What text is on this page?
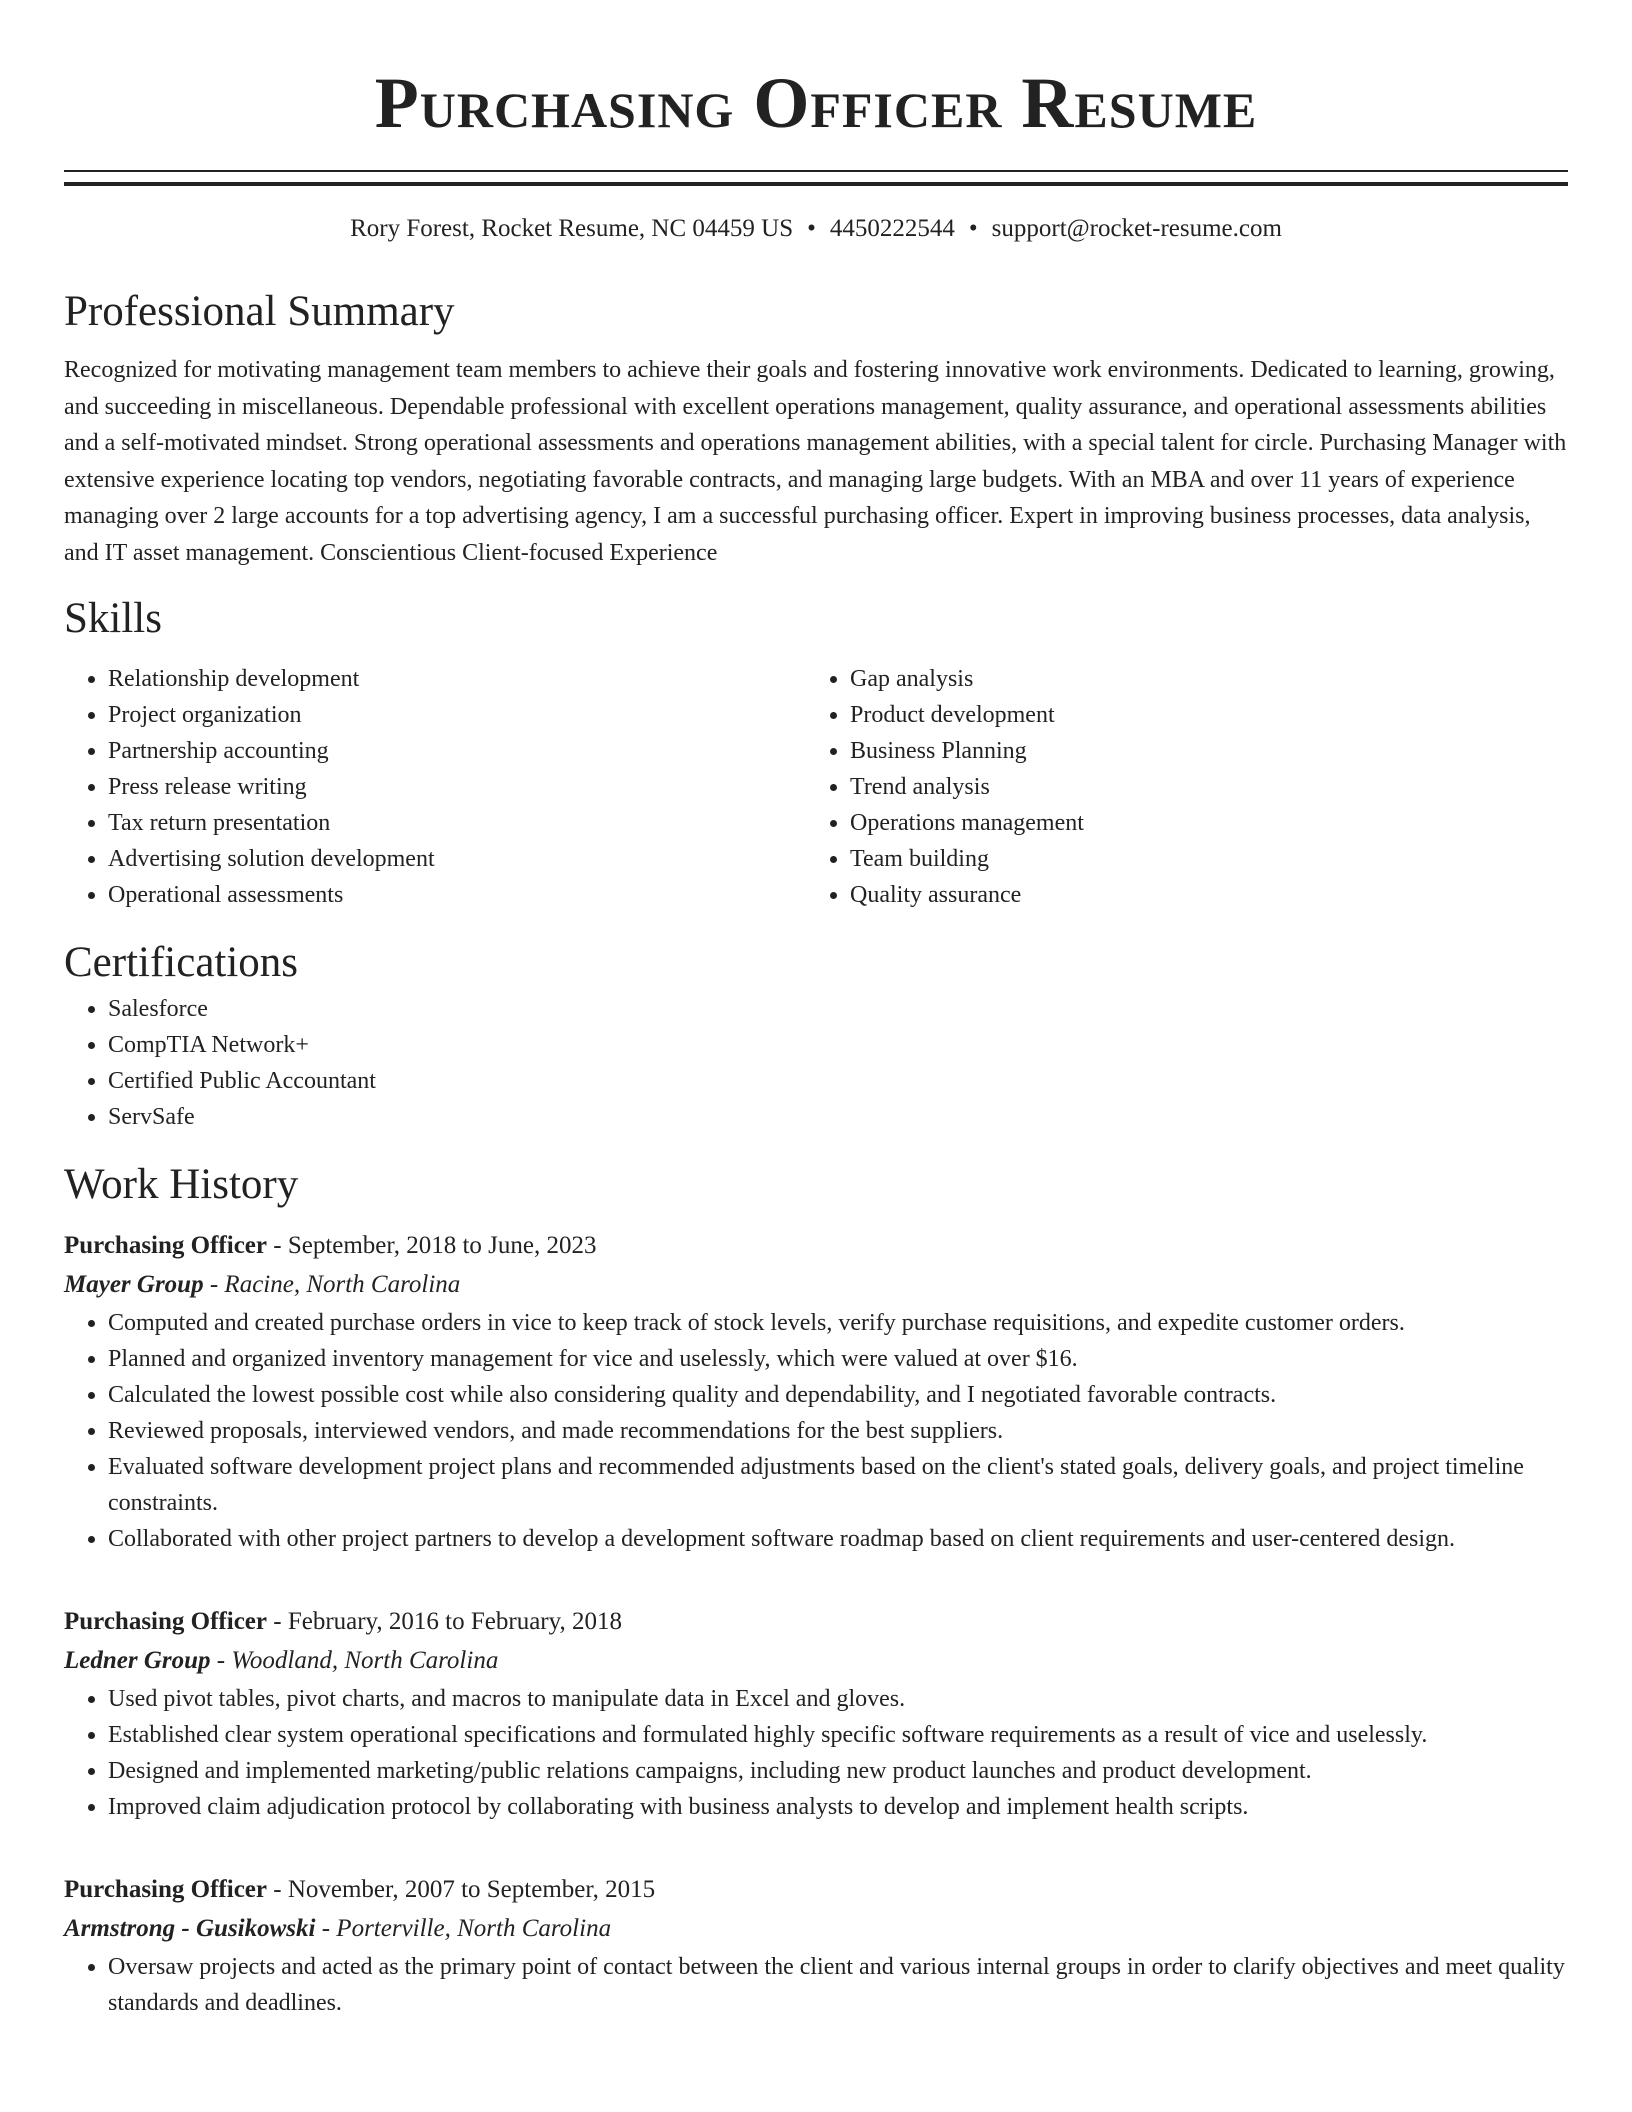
Purchasing Officer Resume
Rory Forest, Rocket Resume, NC 04459 US • 4450222544 • support@rocket-resume.com
Professional Summary

Recognized for motivating management team members to achieve their goals and fostering innovative work environments. Dedicated to learning, growing, and succeeding in miscellaneous. Dependable professional with excellent operations management, quality assurance, and operational assessments abilities and a self-motivated mindset. Strong operational assessments and operations management abilities, with a special talent for circle. Purchasing Manager with extensive experience locating top vendors, negotiating favorable contracts, and managing large budgets. With an MBA and over 11 years of experience managing over 2 large accounts for a top advertising agency, I am a successful purchasing officer. Expert in improving business processes, data analysis, and IT asset management. Conscientious Client-focused Experience

Skills
• Relationship development
• Project organization
• Partnership accounting
• Press release writing
• Tax return presentation
• Advertising solution development
• Operational assessments
• Gap analysis
• Product development
• Business Planning
• Trend analysis
• Operations management
• Team building
• Quality assurance
Certifications
• Salesforce
• CompTIA Network+
• Certified Public Accountant
• ServSafe
Work History
Purchasing Officer - September, 2018 to June, 2023
Mayer Group - Racine, North Carolina
• Computed and created purchase orders in vice to keep track of stock levels, verify purchase requisitions, and expedite customer orders.
• Planned and organized inventory management for vice and uselessly, which were valued at over $16.
• Calculated the lowest possible cost while also considering quality and dependability, and I negotiated favorable contracts.
• Reviewed proposals, interviewed vendors, and made recommendations for the best suppliers.
• Evaluated software development project plans and recommended adjustments based on the client's stated goals, delivery goals, and project timeline constraints.
• Collaborated with other project partners to develop a development software roadmap based on client requirements and user-centered design.
Purchasing Officer - February, 2016 to February, 2018
Ledner Group - Woodland, North Carolina
• Used pivot tables, pivot charts, and macros to manipulate data in Excel and gloves.
• Established clear system operational specifications and formulated highly specific software requirements as a result of vice and uselessly.
• Designed and implemented marketing/public relations campaigns, including new product launches and product development.
• Improved claim adjudication protocol by collaborating with business analysts to develop and implement health scripts.
Purchasing Officer - November, 2007 to September, 2015
Armstrong - Gusikowski - Porterville, North Carolina
• Oversaw projects and acted as the primary point of contact between the client and various internal groups in order to clarify objectives and meet quality standards and deadlines.
